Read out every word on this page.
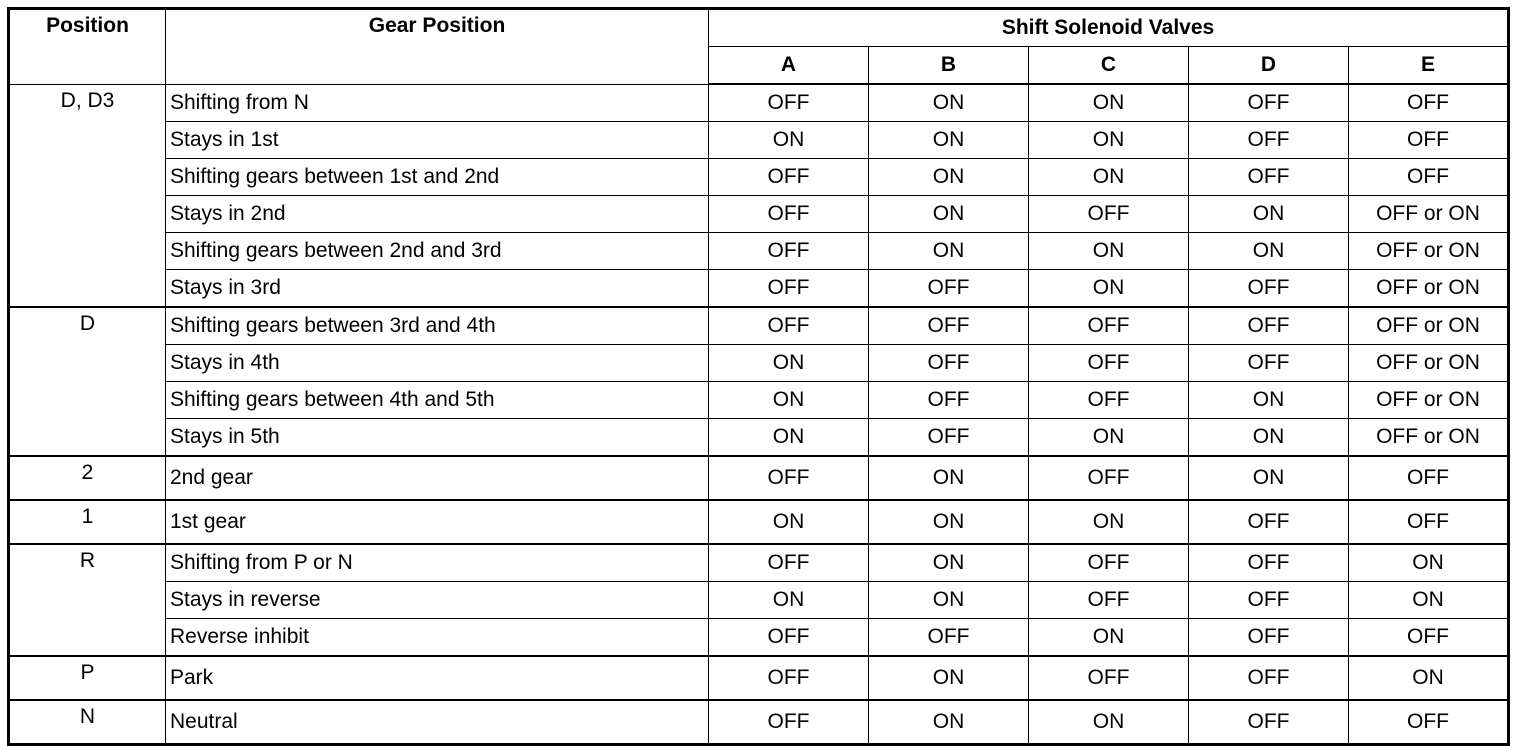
Position	Gear Position	Shift Solenoid Valves				
		A	B	C	D	E
D, D3	Shifting from N	OFF	ON	ON	OFF	OFF
	Stays in 1st	ON	ON	ON	OFF	OFF
	Shifting gears between 1st and 2nd	OFF	ON	ON	OFF	OFF
	Stays in 2nd	OFF	ON	OFF	ON	OFF or ON
	Shifting gears between 2nd and 3rd	OFF	ON	ON	ON	OFF or ON
	Stays in 3rd	OFF	OFF	ON	OFF	OFF or ON
D	Shifting gears between 3rd and 4th	OFF	OFF	OFF	OFF	OFF or ON
	Stays in 4th	ON	OFF	OFF	OFF	OFF or ON
	Shifting gears between 4th and 5th	ON	OFF	OFF	ON	OFF or ON
	Stays in 5th	ON	OFF	ON	ON	OFF or ON
2	2nd gear	OFF	ON	OFF	ON	OFF
1	1st gear	ON	ON	ON	OFF	OFF
R	Shifting from P or N	OFF	ON	OFF	OFF	ON
	Stays in reverse	ON	ON	OFF	OFF	ON
	Reverse inhibit	OFF	OFF	ON	OFF	OFF
P	Park	OFF	ON	OFF	OFF	ON
N	Neutral	OFF	ON	ON	OFF	OFF
